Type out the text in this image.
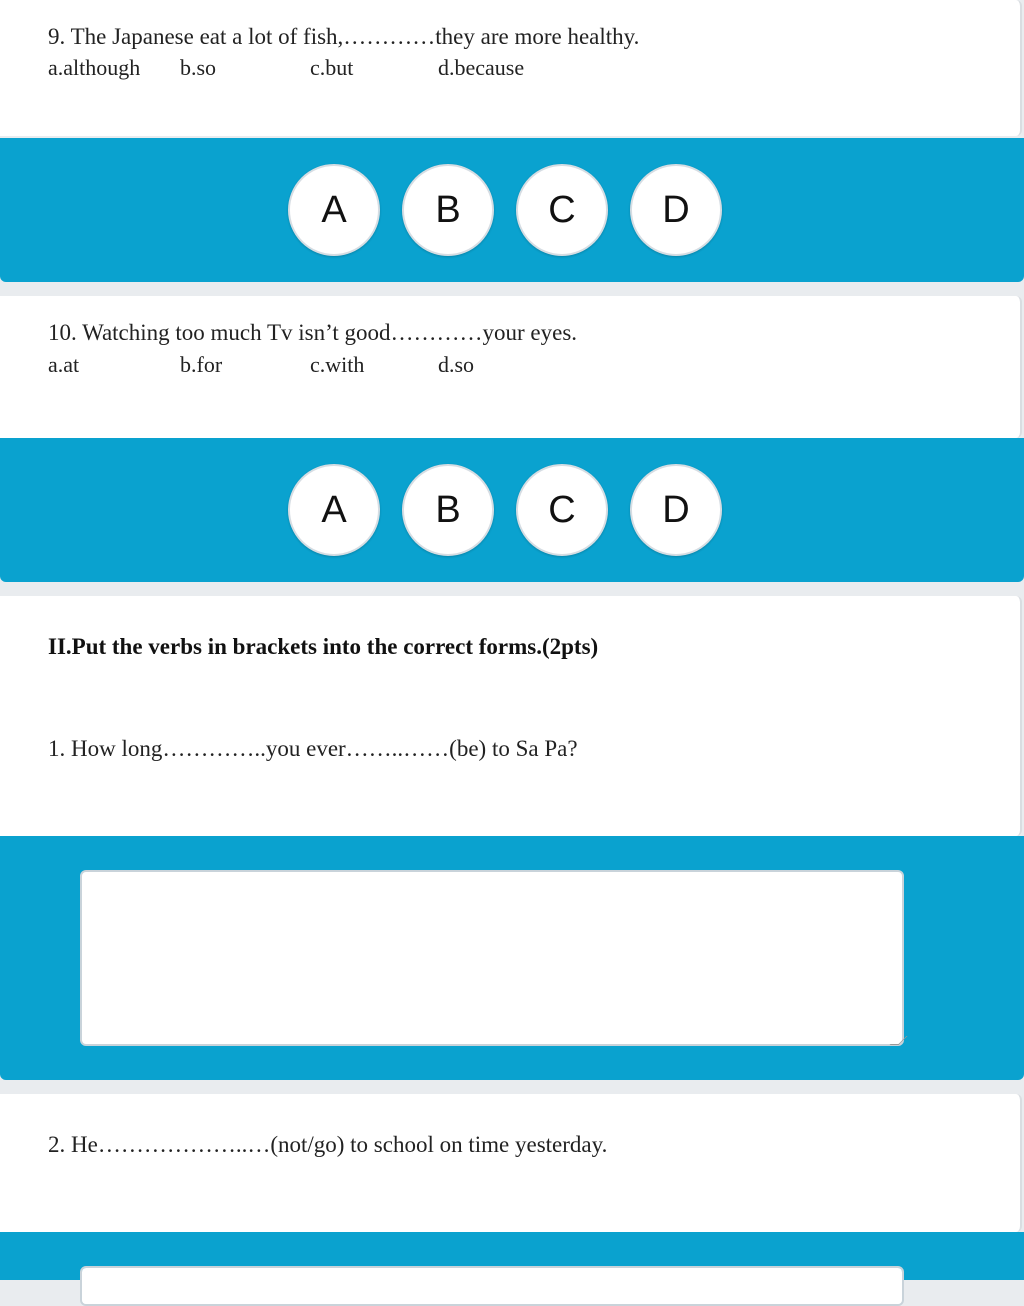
9. The Japanese eat a lot of fish,…………they are more healthy.
a.although b.so	c.but	d.because
A	B	C	D
10. Watching too much Tv isn’t good…………your eyes.
a.at	b.for	c.with	d.so
A	B	C	D
II.Put the verbs in brackets into the correct forms.(2pts)
1. How long…………..you ever……..……(be) to Sa Pa?
2. He………………..…(not/go) to school on time yesterday.
